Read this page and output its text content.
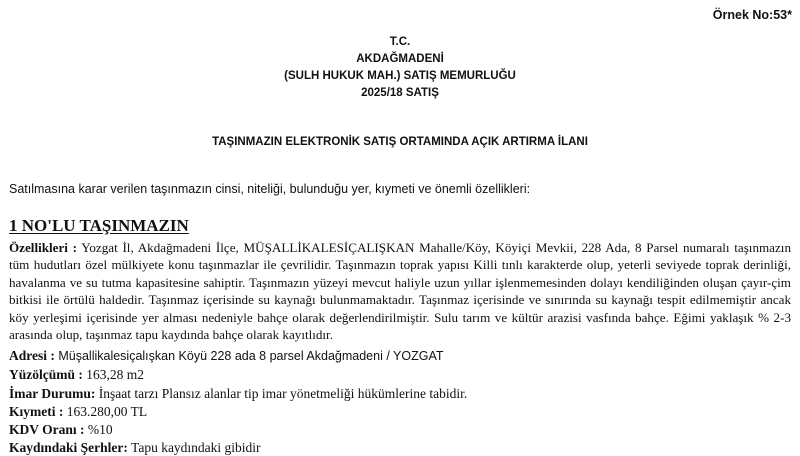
Örnek No:53*
T.C.
AKDAĞMADENİ
(SULH HUKUK MAH.) SATIŞ MEMURLUĞU
2025/18 SATIŞ
TAŞINMAZIN ELEKTRONİK SATIŞ ORTAMINDA AÇIK ARTIRMA İLANI
Satılmasına karar verilen taşınmazın cinsi, niteliği, bulunduğu yer, kıymeti ve önemli özellikleri:
1 NO'LU TAŞINMAZIN

Özellikleri : Yozgat İl, Akdağmadeni İlçe, MÜŞALLİKALESİÇALIŞKAN Mahalle/Köy, Köyiçi Mevkii, 228 Ada, 8 Parsel numaralı taşınmazın tüm hudutları özel mülkiyete konu taşınmazlar ile çevrilidir. Taşınmazın toprak yapısı Killi tınlı karakterde olup, yeterli seviyede toprak derinliği, havalanma ve su tutma kapasitesine sahiptir. Taşınmazın yüzeyi mevcut haliyle uzun yıllar işlenmemesinden dolayı kendiliğinden oluşan çayır-çim bitkisi ile örtülü haldedir. Taşınmaz içerisinde su kaynağı bulunmamaktadır. Taşınmaz içerisinde ve sınırında su kaynağı tespit edilmemiştir ancak köy yerleşimi içerisinde yer alması nedeniyle bahçe olarak değerlendirilmiştir. Sulu tarım ve kültür arazisi vasfında bahçe. Eğimi yaklaşık % 2-3 arasında olup, taşınmaz tapu kaydında bahçe olarak kayıtlıdır.

Adresi : Müşallikalesiçalışkan Köyü 228 ada 8 parsel Akdağmadeni / YOZGAT
Yüzölçümü : 163,28 m2
İmar Durumu: İnşaat tarzı Plansız alanlar tip imar yönetmeliği hükümlerine tabidir.
Kıymeti : 163.280,00 TL
KDV Oranı : %10
Kaydındaki Şerhler: Tapu kaydındaki gibidir
